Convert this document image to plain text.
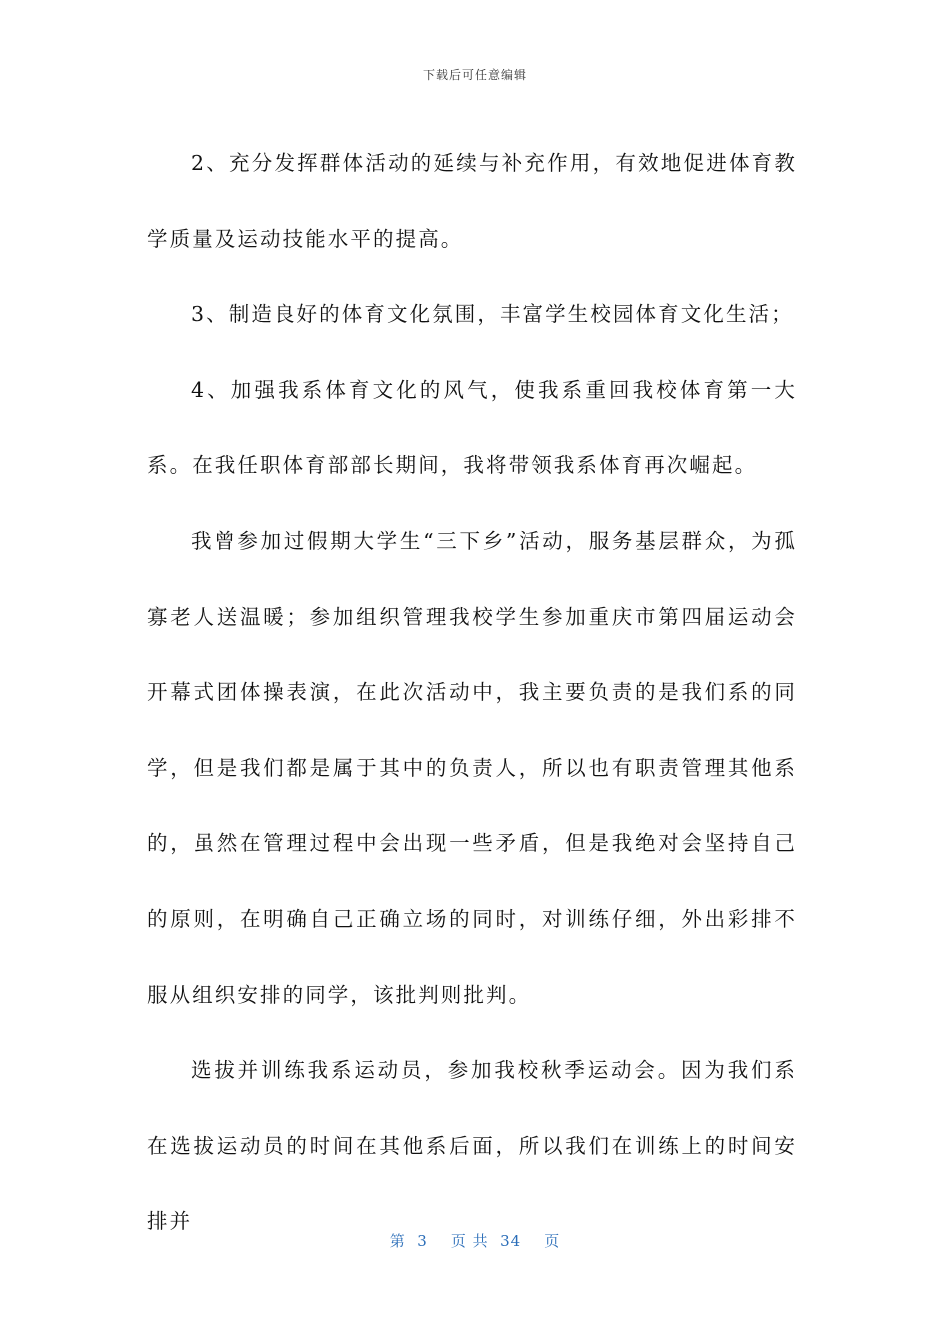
下载后可任意编辑

2、充分发挥群体活动的延续与补充作用，有效地促进体育教学质量及运动技能水平的提高。

3、制造良好的体育文化氛围，丰富学生校园体育文化生活；

4、加强我系体育文化的风气，使我系重回我校体育第一大系。在我任职体育部部长期间，我将带领我系体育再次崛起。

我曾参加过假期大学生“三下乡”活动，服务基层群众，为孤寡老人送温暖；参加组织管理我校学生参加重庆市第四届运动会开幕式团体操表演，在此次活动中，我主要负责的是我们系的同学，但是我们都是属于其中的负责人，所以也有职责管理其他系的，虽然在管理过程中会出现一些矛盾，但是我绝对会坚持自己的原则，在明确自己正确立场的同时，对训练仔细，外出彩排不服从组织安排的同学，该批判则批判。

选拔并训练我系运动员，参加我校秋季运动会。因为我们系在选拔运动员的时间在其他系后面，所以我们在训练上的时间安排并

第  3    页 共  34    页
